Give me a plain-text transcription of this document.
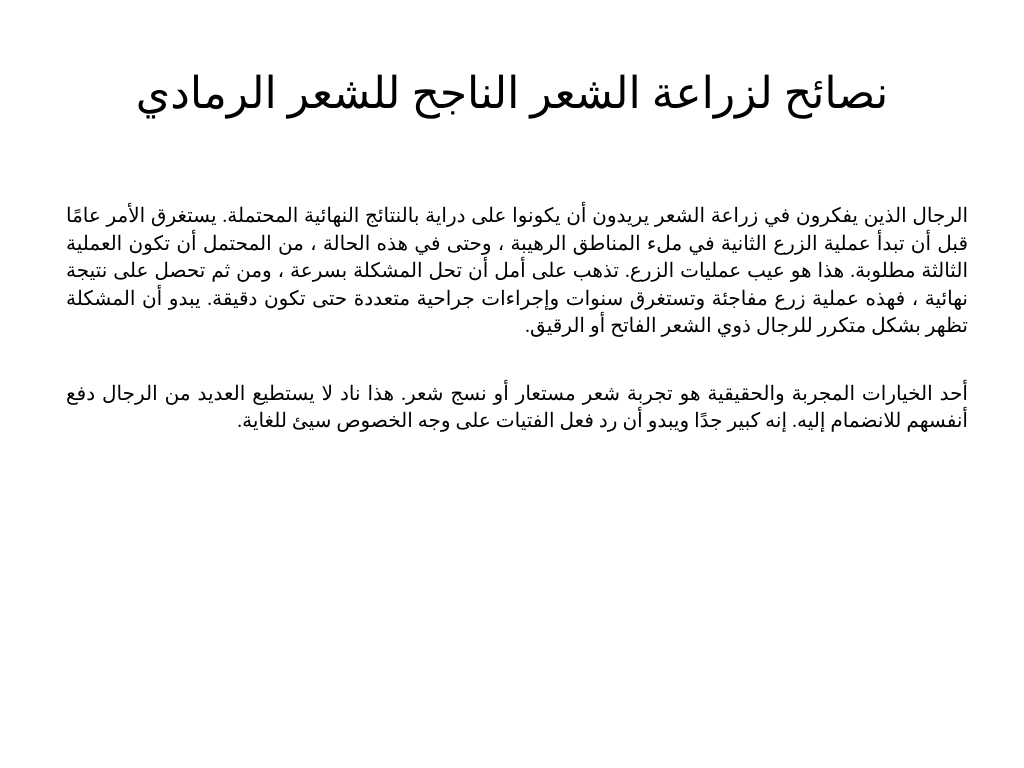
نصائح لزراعة الشعر الناجح للشعر الرمادي

الرجال الذين يفكرون في زراعة الشعر يريدون أن يكونوا على دراية بالنتائج النهائية المحتملة. يستغرق الأمر عامًا قبل أن تبدأ عملية الزرع الثانية في ملء المناطق الرهيبة ، وحتى في هذه الحالة ، من المحتمل أن تكون العملية الثالثة مطلوبة. هذا هو عيب عمليات الزرع. تذهب على أمل أن تحل المشكلة بسرعة ، ومن ثم تحصل على نتيجة نهائية ، فهذه عملية زرع مفاجئة وتستغرق سنوات وإجراءات جراحية متعددة حتى تكون دقيقة. يبدو أن المشكلة تظهر بشكل متكرر للرجال ذوي الشعر الفاتح أو الرقيق.

أحد الخيارات المجربة والحقيقية هو تجربة شعر مستعار أو نسج شعر. هذا ناد لا يستطيع العديد من الرجال دفع أنفسهم للانضمام إليه. إنه كبير جدًا ويبدو أن رد فعل الفتيات على وجه الخصوص سيئ للغاية.
